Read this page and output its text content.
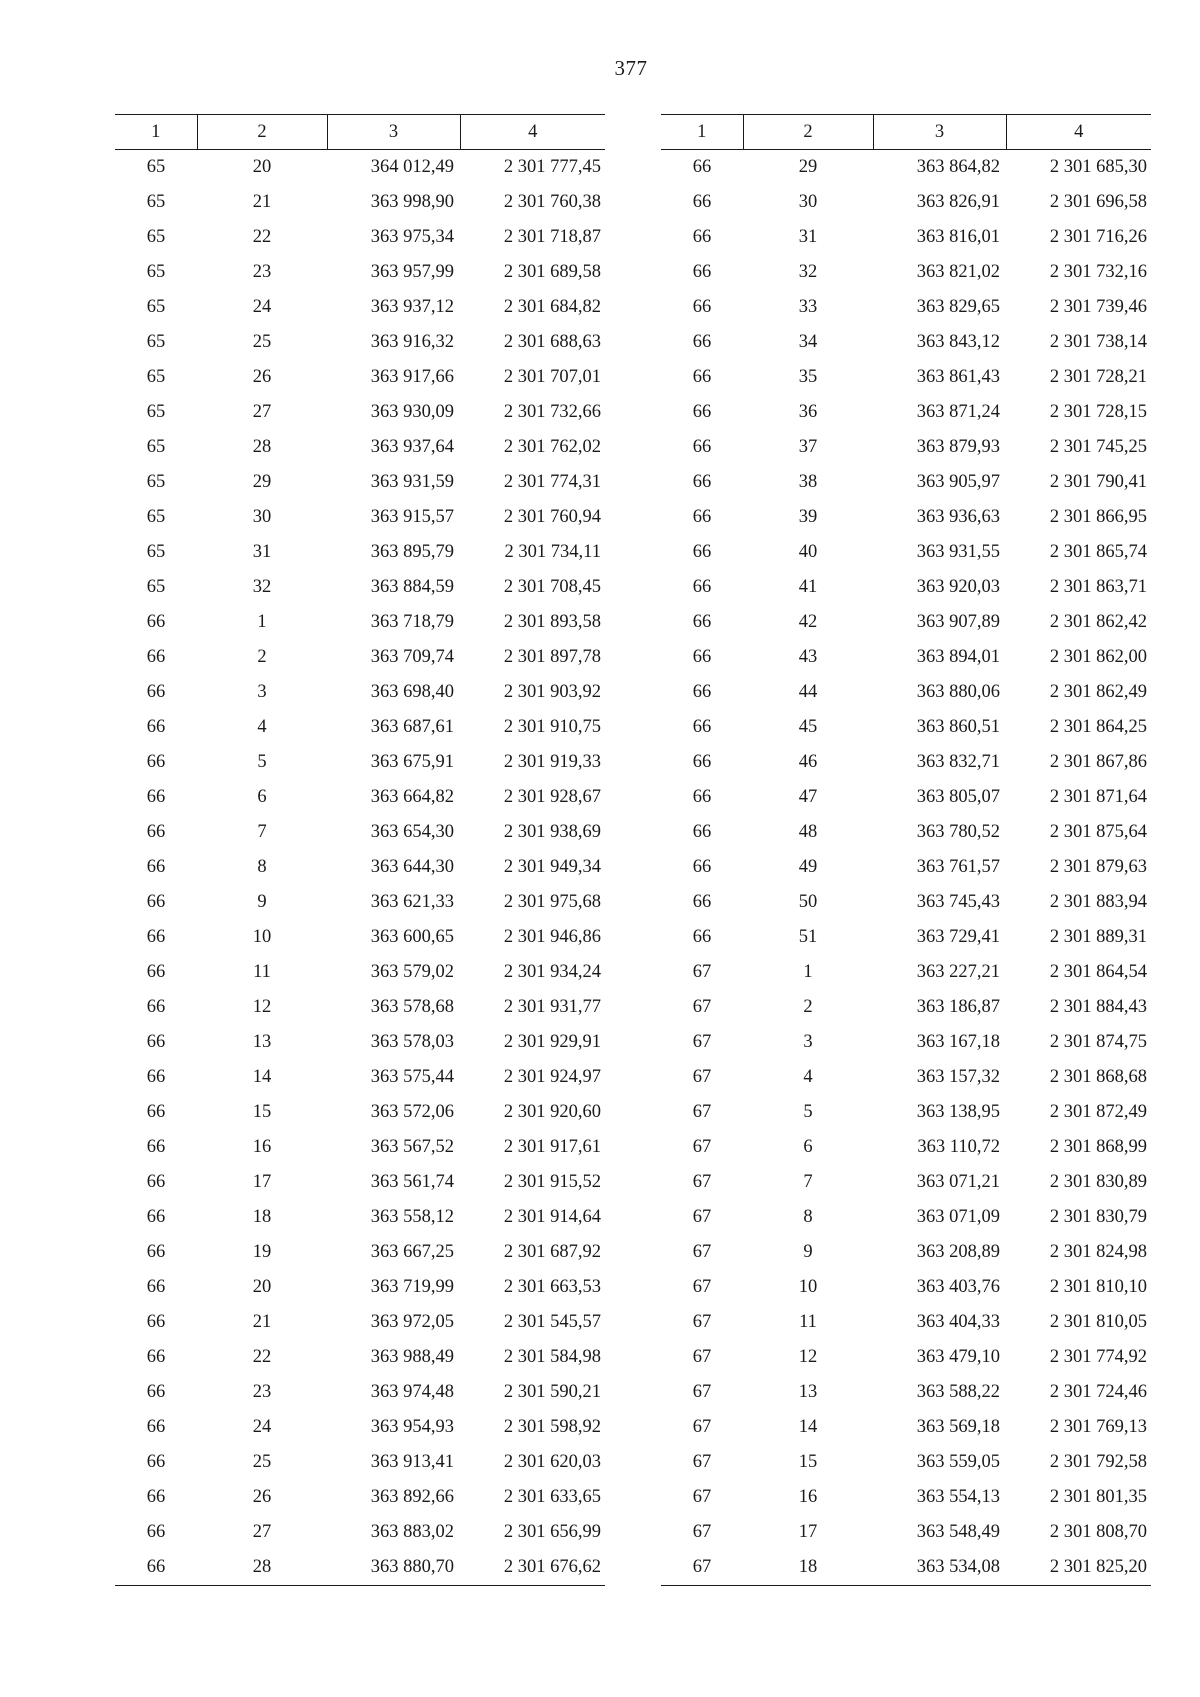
377
1	2	3	4
65	20	364 012,49	2 301 777,45
65	21	363 998,90	2 301 760,38
65	22	363 975,34	2 301 718,87
65	23	363 957,99	2 301 689,58
65	24	363 937,12	2 301 684,82
65	25	363 916,32	2 301 688,63
65	26	363 917,66	2 301 707,01
65	27	363 930,09	2 301 732,66
65	28	363 937,64	2 301 762,02
65	29	363 931,59	2 301 774,31
65	30	363 915,57	2 301 760,94
65	31	363 895,79	2 301 734,11
65	32	363 884,59	2 301 708,45
66	1	363 718,79	2 301 893,58
66	2	363 709,74	2 301 897,78
66	3	363 698,40	2 301 903,92
66	4	363 687,61	2 301 910,75
66	5	363 675,91	2 301 919,33
66	6	363 664,82	2 301 928,67
66	7	363 654,30	2 301 938,69
66	8	363 644,30	2 301 949,34
66	9	363 621,33	2 301 975,68
66	10	363 600,65	2 301 946,86
66	11	363 579,02	2 301 934,24
66	12	363 578,68	2 301 931,77
66	13	363 578,03	2 301 929,91
66	14	363 575,44	2 301 924,97
66	15	363 572,06	2 301 920,60
66	16	363 567,52	2 301 917,61
66	17	363 561,74	2 301 915,52
66	18	363 558,12	2 301 914,64
66	19	363 667,25	2 301 687,92
66	20	363 719,99	2 301 663,53
66	21	363 972,05	2 301 545,57
66	22	363 988,49	2 301 584,98
66	23	363 974,48	2 301 590,21
66	24	363 954,93	2 301 598,92
66	25	363 913,41	2 301 620,03
66	26	363 892,66	2 301 633,65
66	27	363 883,02	2 301 656,99
66	28	363 880,70	2 301 676,62
1	2	3	4
66	29	363 864,82	2 301 685,30
66	30	363 826,91	2 301 696,58
66	31	363 816,01	2 301 716,26
66	32	363 821,02	2 301 732,16
66	33	363 829,65	2 301 739,46
66	34	363 843,12	2 301 738,14
66	35	363 861,43	2 301 728,21
66	36	363 871,24	2 301 728,15
66	37	363 879,93	2 301 745,25
66	38	363 905,97	2 301 790,41
66	39	363 936,63	2 301 866,95
66	40	363 931,55	2 301 865,74
66	41	363 920,03	2 301 863,71
66	42	363 907,89	2 301 862,42
66	43	363 894,01	2 301 862,00
66	44	363 880,06	2 301 862,49
66	45	363 860,51	2 301 864,25
66	46	363 832,71	2 301 867,86
66	47	363 805,07	2 301 871,64
66	48	363 780,52	2 301 875,64
66	49	363 761,57	2 301 879,63
66	50	363 745,43	2 301 883,94
66	51	363 729,41	2 301 889,31
67	1	363 227,21	2 301 864,54
67	2	363 186,87	2 301 884,43
67	3	363 167,18	2 301 874,75
67	4	363 157,32	2 301 868,68
67	5	363 138,95	2 301 872,49
67	6	363 110,72	2 301 868,99
67	7	363 071,21	2 301 830,89
67	8	363 071,09	2 301 830,79
67	9	363 208,89	2 301 824,98
67	10	363 403,76	2 301 810,10
67	11	363 404,33	2 301 810,05
67	12	363 479,10	2 301 774,92
67	13	363 588,22	2 301 724,46
67	14	363 569,18	2 301 769,13
67	15	363 559,05	2 301 792,58
67	16	363 554,13	2 301 801,35
67	17	363 548,49	2 301 808,70
67	18	363 534,08	2 301 825,20
